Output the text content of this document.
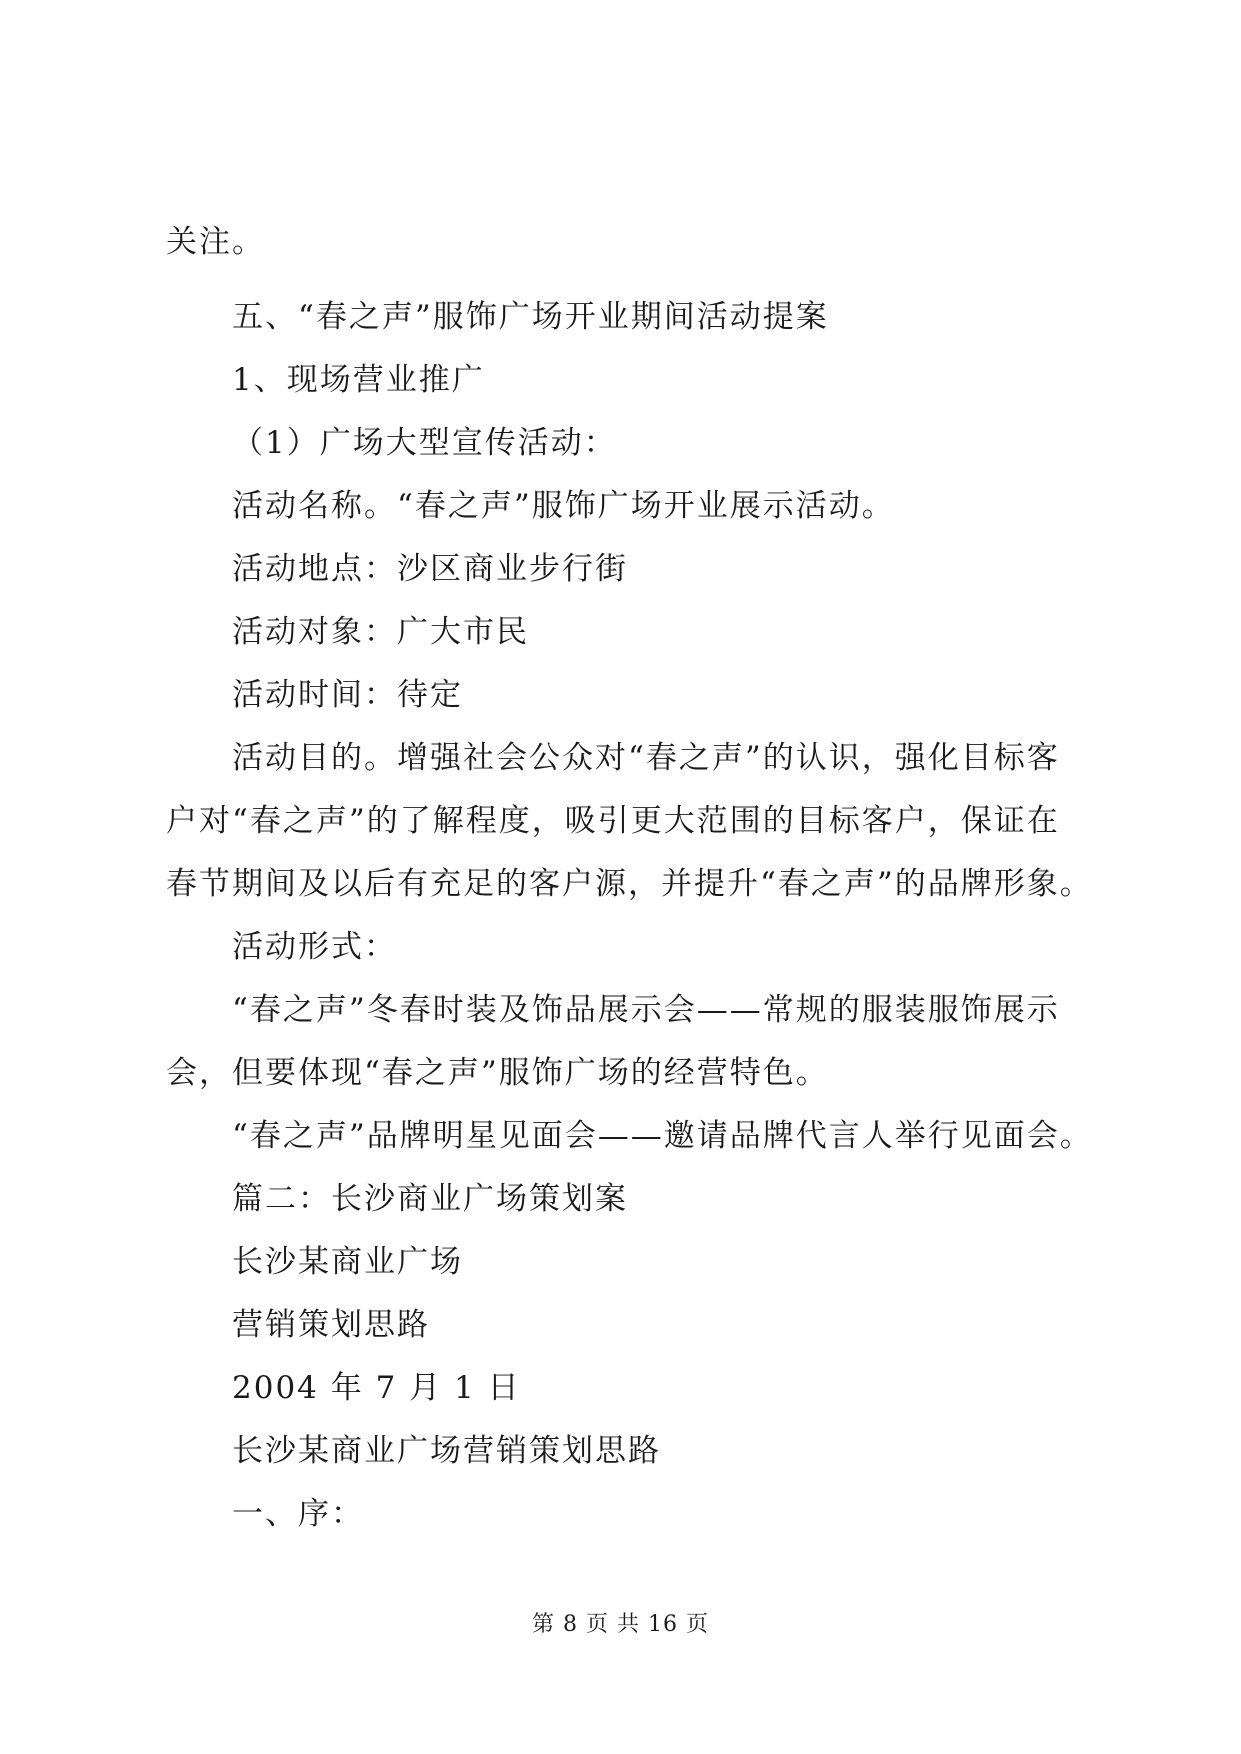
关注。
五、“春之声”服饰广场开业期间活动提案
1、现场营业推广
（1）广场大型宣传活动：
活动名称。“春之声”服饰广场开业展示活动。
活动地点：沙区商业步行街
活动对象：广大市民
活动时间：待定
活动目的。增强社会公众对“春之声”的认识，强化目标客
户对“春之声”的了解程度，吸引更大范围的目标客户，保证在
春节期间及以后有充足的客户源，并提升“春之声”的品牌形象。
活动形式：
“春之声”冬春时装及饰品展示会——常规的服装服饰展示
会，但要体现“春之声”服饰广场的经营特色。
“春之声”品牌明星见面会——邀请品牌代言人举行见面会。
篇二：长沙商业广场策划案
长沙某商业广场
营销策划思路
2004 年 7 月 1 日
长沙某商业广场营销策划思路
一、序：
第 8 页 共 16 页
